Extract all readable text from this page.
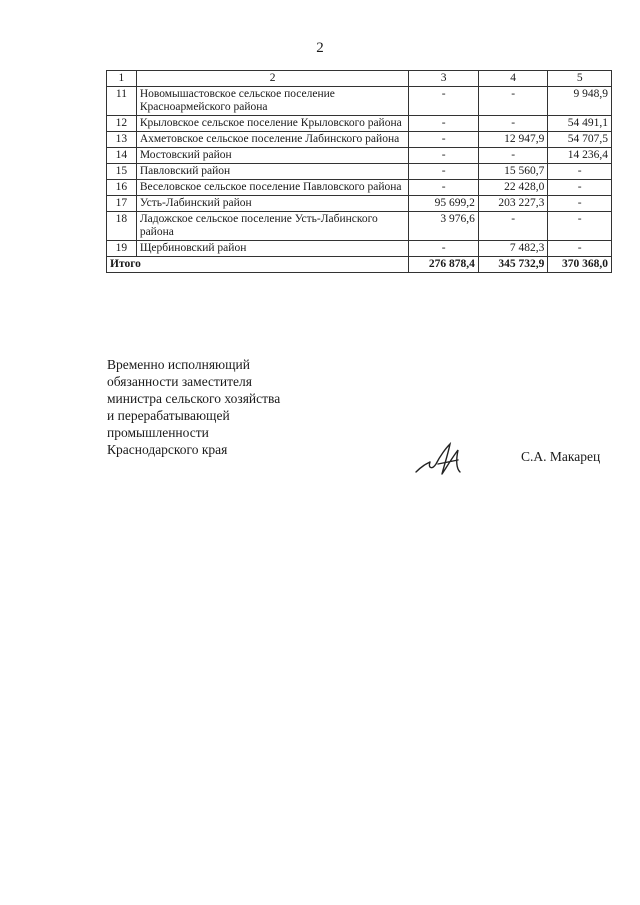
2
1	2	3	4	5
11	Новомышастовское сельское поселение Красноармейского района	-	-	9 948,9
12	Крыловское сельское поселение Крыловского района	-	-	54 491,1
13	Ахметовское сельское поселение Лабинского района	-	12 947,9	54 707,5
14	Мостовский район	-	-	14 236,4
15	Павловский район	-	15 560,7	-
16	Веселовское сельское поселение Павловского района	-	22 428,0	-
17	Усть-Лабинский район	95 699,2	203 227,3	-
18	Ладожское сельское поселение Усть-Лабинского района	3 976,6	-	-
19	Щербиновский район	-	7 482,3	-
Итого		276 878,4	345 732,9	370 368,0
Временно исполняющий
обязанности заместителя
министра сельского хозяйства
и перерабатывающей
промышленности
Краснодарского края	С.А. Макарец
